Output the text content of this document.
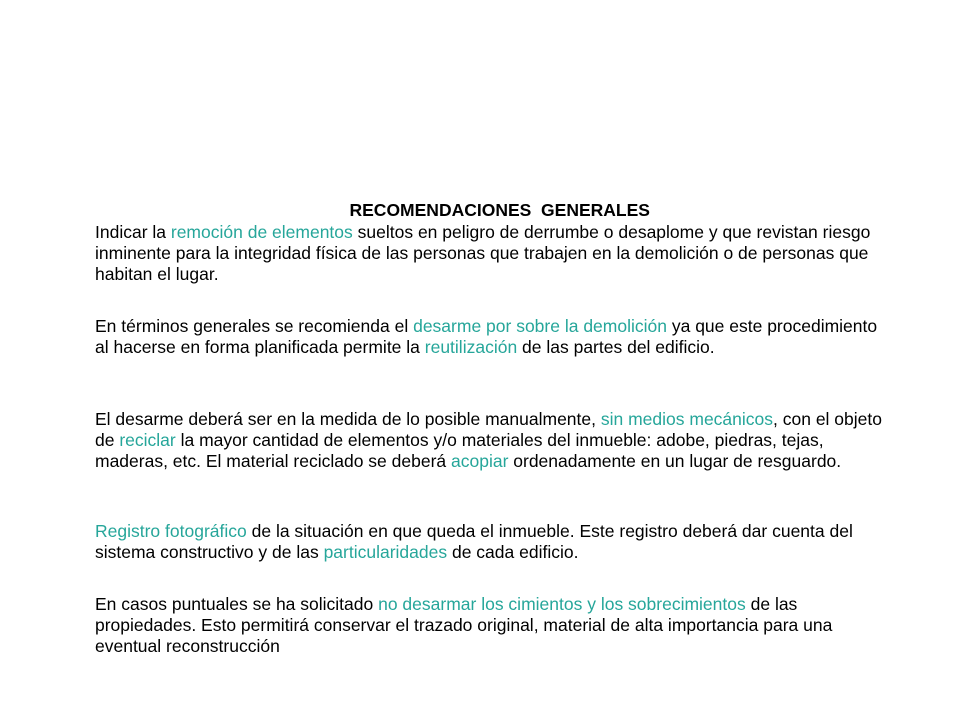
RECOMENDACIONES  GENERALES

Indicar la remoción de elementos sueltos en peligro de derrumbe o desaplome y que revistan riesgo inminente para la integridad física de las personas que trabajen en la demolición o de personas que habitan el lugar.

En términos generales se recomienda el desarme por sobre la demolición ya que este procedimiento al hacerse en forma planificada permite la reutilización de las partes del edificio.

El desarme deberá ser en la medida de lo posible manualmente, sin medios mecánicos, con el objeto de reciclar la mayor cantidad de elementos y/o materiales del inmueble: adobe, piedras, tejas, maderas, etc. El material reciclado se deberá acopiar ordenadamente en un lugar de resguardo.

Registro fotográfico de la situación en que queda el inmueble. Este registro deberá dar cuenta del sistema constructivo y de las particularidades de cada edificio.

En casos puntuales se ha solicitado no desarmar los cimientos y los sobrecimientos de las propiedades. Esto permitirá conservar el trazado original, material de alta importancia para una eventual reconstrucción
